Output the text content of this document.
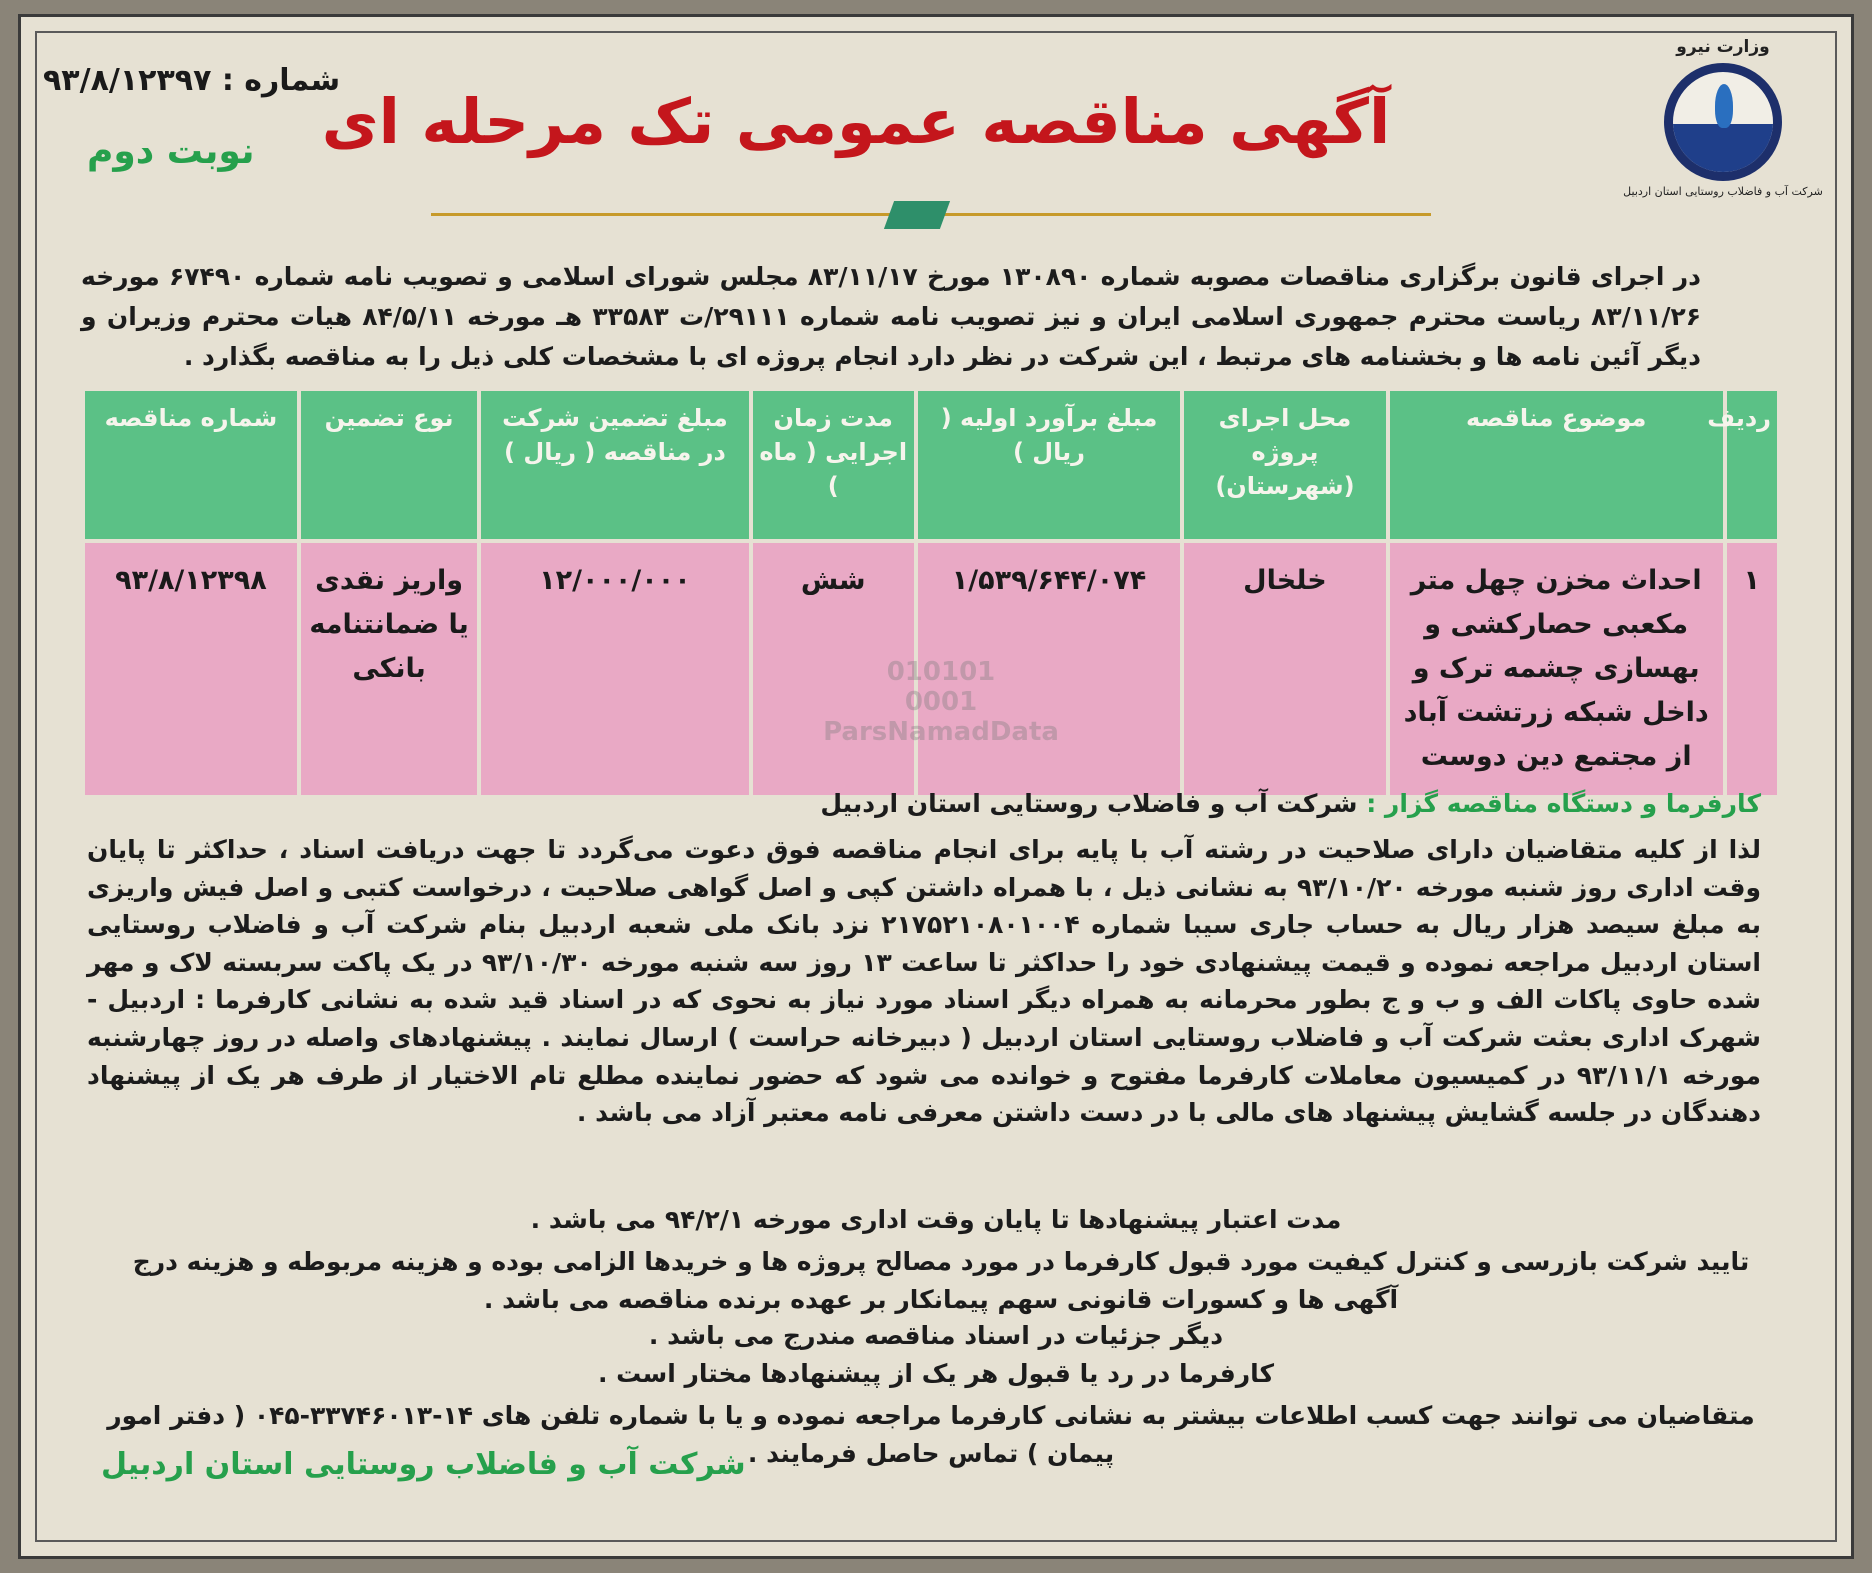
وزارت نیرو
شرکت آب و فاضلاب روستایی استان اردبیل
شماره : ۹۳/۸/۱۲۳۹۷
نوبت دوم	آگهی مناقصه عمومی تک مرحله ای
در اجرای قانون برگزاری مناقصات مصوبه شماره ۱۳۰۸۹۰ مورخ ۸۳/۱۱/۱۷ مجلس شورای اسلامی و تصویب نامه شماره ۶۷۴۹۰ مورخه ۸۳/۱۱/۲۶ ریاست محترم جمهوری اسلامی ایران و نیز تصویب نامه شماره ۲۹۱۱۱/ت ۳۳۵۸۳ هـ مورخه ۸۴/۵/۱۱ هیات محترم وزیران و دیگر آئین نامه ها و بخشنامه های مرتبط ، این شرکت در نظر دارد انجام پروژه ای با مشخصات کلی ذیل را به مناقصه بگذارد .
ردیف	موضوع مناقصه	محل اجرای پروژه (شهرستان)	مبلغ برآورد اولیه ( ریال )	مدت زمان اجرایی ( ماه )	مبلغ تضمین شرکت در مناقصه ( ریال )	نوع تضمین	شماره مناقصه
۱	احداث مخزن چهل متر مکعبی حصارکشی و بهسازی چشمه ترک و داخل شبکه زرتشت آباد از مجتمع دین دوست	خلخال	۱/۵۳۹/۶۴۴/۰۷۴	شش	۱۲/۰۰۰/۰۰۰	واریز نقدی یا ضمانتنامه بانکی	۹۳/۸/۱۲۳۹۸
010101
0001
ParsNamadData
کارفرما و دستگاه مناقصه گزار : شرکت آب و فاضلاب روستایی استان اردبیل
لذا از کلیه متقاضیان دارای صلاحیت در رشته آب با پایه برای انجام مناقصه فوق دعوت می‌گردد تا جهت دریافت اسناد ، حداکثر تا پایان وقت اداری روز شنبه مورخه ۹۳/۱۰/۲۰ به نشانی ذیل ، با همراه داشتن کپی و اصل گواهی صلاحیت ، درخواست کتبی و اصل فیش واریزی به مبلغ سیصد هزار ریال به حساب جاری سیبا شماره ۲۱۷۵۲۱۰۸۰۱۰۰۴ نزد بانک ملی شعبه اردبیل بنام شرکت آب و فاضلاب روستایی استان اردبیل مراجعه نموده و قیمت پیشنهادی خود را حداکثر تا ساعت ۱۳ روز سه شنبه مورخه ۹۳/۱۰/۳۰ در یک پاکت سربسته لاک و مهر شده حاوی پاکات الف و ب و ج بطور محرمانه به همراه دیگر اسناد مورد نیاز به نحوی که در اسناد قید شده به نشانی کارفرما : اردبیل - شهرک اداری بعثت شرکت آب و فاضلاب روستایی استان اردبیل ( دبیرخانه حراست ) ارسال نمایند . پیشنهادهای واصله در روز چهارشنبه مورخه ۹۳/۱۱/۱ در کمیسیون معاملات کارفرما مفتوح و خوانده می شود که حضور نماینده مطلع تام الاختیار از طرف هر یک از پیشنهاد دهندگان در جلسه گشایش پیشنهاد های مالی با در دست داشتن معرفی نامه معتبر آزاد می باشد .
مدت اعتبار پیشنهادها تا پایان وقت اداری مورخه ۹۴/۲/۱ می باشد .
تایید شرکت بازرسی و کنترل کیفیت مورد قبول کارفرما در مورد مصالح پروژه ها و خریدها الزامی بوده و هزینه مربوطه و هزینه درج آگهی ها و کسورات قانونی سهم پیمانکار بر عهده برنده مناقصه می باشد .
دیگر جزئیات در اسناد مناقصه مندرج می باشد .
کارفرما در رد یا قبول هر یک از پیشنهادها مختار است .
متقاضیان می توانند جهت کسب اطلاعات بیشتر به نشانی کارفرما مراجعه نموده و یا با شماره تلفن های ۱۴-۳۳۷۴۶۰۱۳-۰۴۵ ( دفتر امور پیمان ) تماس حاصل فرمایند .
شرکت آب و فاضلاب روستایی استان اردبیل
